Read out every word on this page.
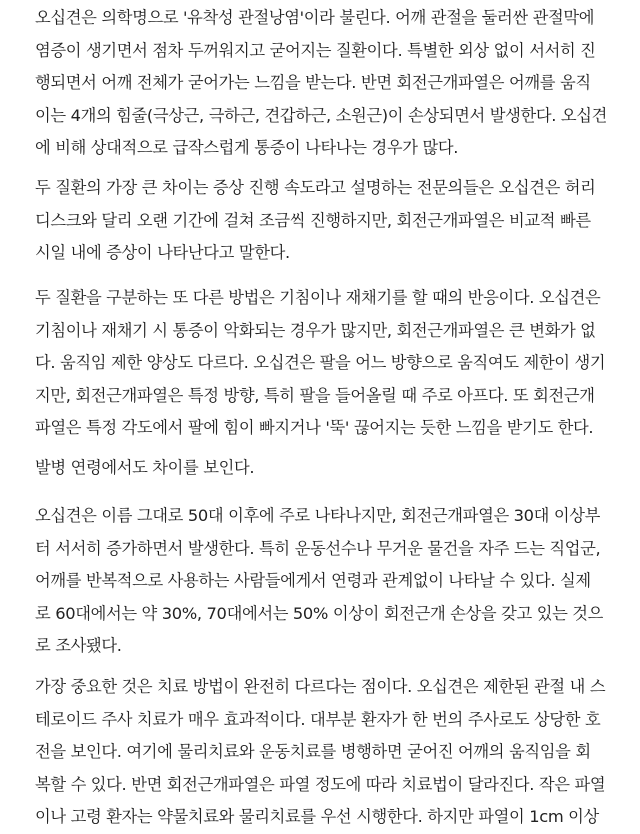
오십견은 의학명으로 '유착성 관절낭염'이라 불린다. 어깨 관절을 둘러싼 관절막에
염증이 생기면서 점차 두꺼워지고 굳어지는 질환이다. 특별한 외상 없이 서서히 진
행되면서 어깨 전체가 굳어가는 느낌을 받는다. 반면 회전근개파열은 어깨를 움직
이는 4개의 힘줄(극상근, 극하근, 견갑하근, 소원근)이 손상되면서 발생한다. 오십견
에 비해 상대적으로 급작스럽게 통증이 나타나는 경우가 많다.

두 질환의 가장 큰 차이는 증상 진행 속도라고 설명하는 전문의들은 오십견은 허리
디스크와 달리 오랜 기간에 걸쳐 조금씩 진행하지만, 회전근개파열은 비교적 빠른
시일 내에 증상이 나타난다고 말한다.

두 질환을 구분하는 또 다른 방법은 기침이나 재채기를 할 때의 반응이다. 오십견은
기침이나 재채기 시 통증이 악화되는 경우가 많지만, 회전근개파열은 큰 변화가 없
다. 움직임 제한 양상도 다르다. 오십견은 팔을 어느 방향으로 움직여도 제한이 생기
지만, 회전근개파열은 특정 방향, 특히 팔을 들어올릴 때 주로 아프다. 또 회전근개
파열은 특정 각도에서 팔에 힘이 빠지거나 '뚝' 끊어지는 듯한 느낌을 받기도 한다.

발병 연령에서도 차이를 보인다.

오십견은 이름 그대로 50대 이후에 주로 나타나지만, 회전근개파열은 30대 이상부
터 서서히 증가하면서 발생한다. 특히 운동선수나 무거운 물건을 자주 드는 직업군,
어깨를 반복적으로 사용하는 사람들에게서 연령과 관계없이 나타날 수 있다. 실제
로 60대에서는 약 30%, 70대에서는 50% 이상이 회전근개 손상을 갖고 있는 것으
로 조사됐다.

가장 중요한 것은 치료 방법이 완전히 다르다는 점이다. 오십견은 제한된 관절 내 스
테로이드 주사 치료가 매우 효과적이다. 대부분 환자가 한 번의 주사로도 상당한 호
전을 보인다. 여기에 물리치료와 운동치료를 병행하면 굳어진 어깨의 움직임을 회
복할 수 있다. 반면 회전근개파열은 파열 정도에 따라 치료법이 달라진다. 작은 파열
이나 고령 환자는 약물치료와 물리치료를 우선 시행한다. 하지만 파열이 1cm 이상
